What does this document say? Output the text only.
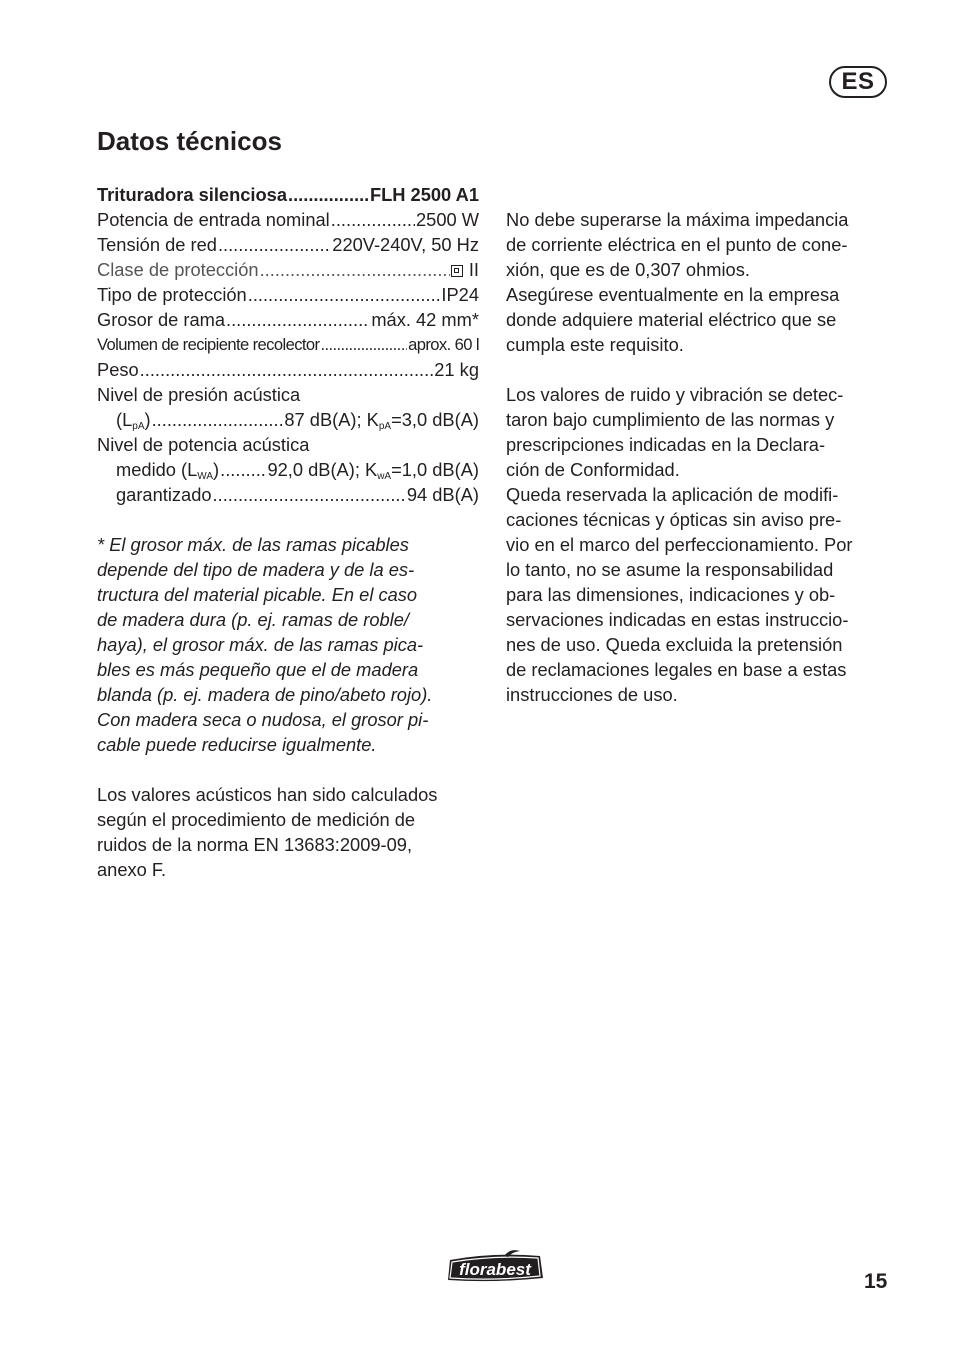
ES
Datos técnicos
Trituradora silenciosa .....	FLH 2500 A1
Potencia de entrada nominal .....	2500 W
Tensión de red .....	220V-240V, 50 Hz
Clase de protección .....	II
Tipo de protección .....	IP24
Grosor de rama .....	máx. 42 mm*
Volumen de recipiente recolector .....	aprox. 60 l
Peso .....	21 kg
Nivel de presión acústica
$(L_{pA})$ .....	87 dB(A); $K_{pA}=3,0$ dB(A)
Nivel de potencia acústica
medido $(L_{WA})$ .....	92,0 dB(A); $K_{wA}=1,0$ dB(A)
garantizado .....	94 dB(A)
* El grosor máx. de las ramas picables
depende del tipo de madera y de la es-
tructura del material picable. En el caso
de madera dura (p. ej. ramas de roble/
haya), el grosor máx. de las ramas pica-
bles es más pequeño que el de madera
blanda (p. ej. madera de pino/abeto rojo).
Con madera seca o nudosa, el grosor pi-
cable puede reducirse igualmente.
Los valores acústicos han sido calculados
según el procedimiento de medición de
ruidos de la norma EN 13683:2009-09,
anexo F.
No debe superarse la máxima impedancia
de corriente eléctrica en el punto de cone-
xión, que es de 0,307 ohmios.
Asegúrese eventualmente en la empresa
donde adquiere material eléctrico que se
cumpla este requisito.
Los valores de ruido y vibración se detec-
taron bajo cumplimiento de las normas y
prescripciones indicadas en la Declara-
ción de Conformidad.
Queda reservada la aplicación de modifi-
caciones técnicas y ópticas sin aviso pre-
vio en el marco del perfeccionamiento. Por
lo tanto, no se asume la responsabilidad
para las dimensiones, indicaciones y ob-
servaciones indicadas en estas instruccio-
nes de uso. Queda excluida la pretensión
de reclamaciones legales en base a estas
instrucciones de uso.
florabest
15
